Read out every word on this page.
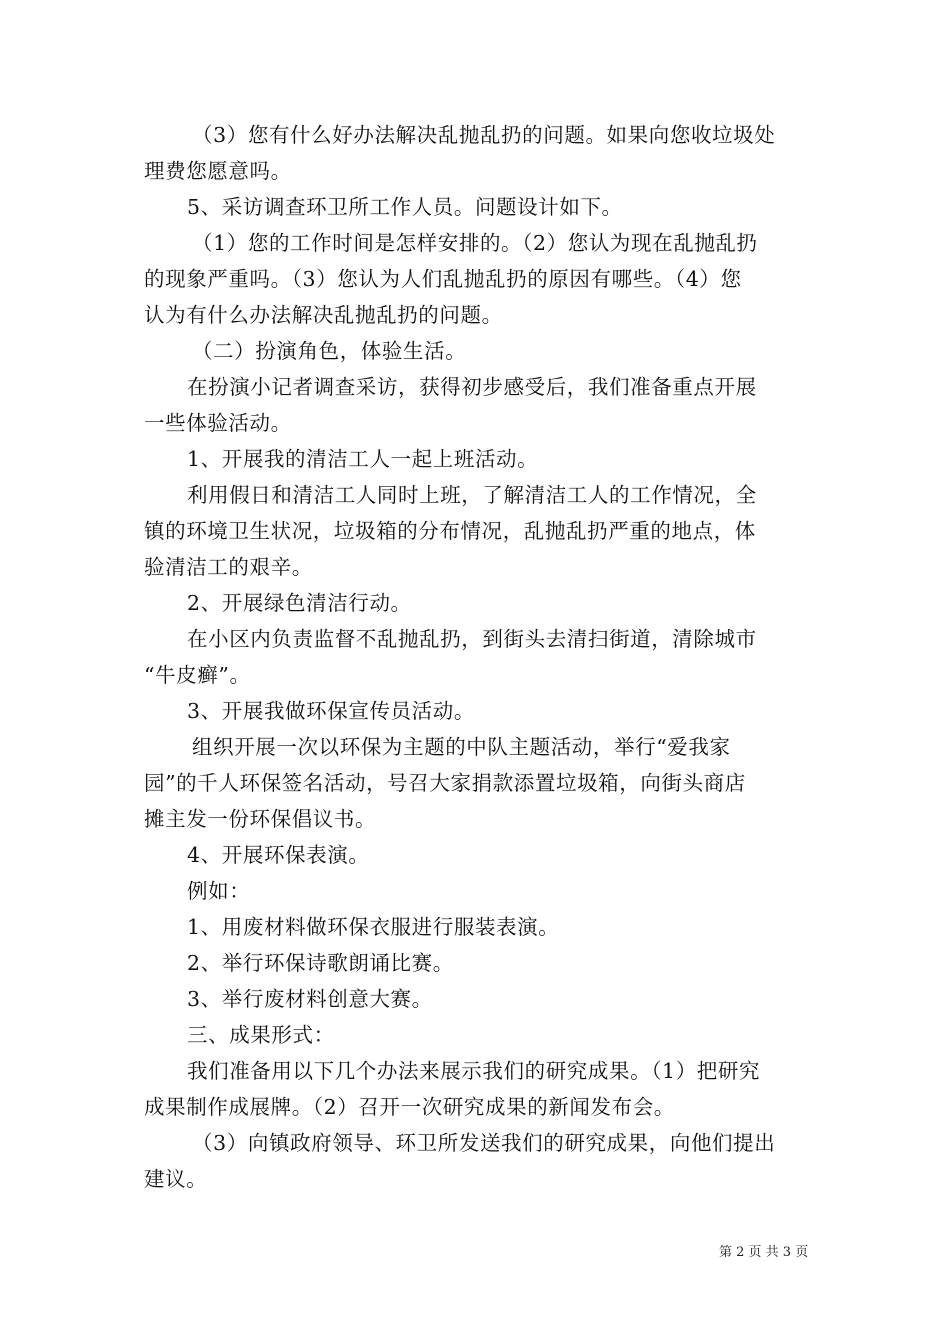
（3）您有什么好办法解决乱抛乱扔的问题。如果向您收垃圾处
理费您愿意吗。
5、采访调查环卫所工作人员。问题设计如下。
（1）您的工作时间是怎样安排的。（2）您认为现在乱抛乱扔
的现象严重吗。（3）您认为人们乱抛乱扔的原因有哪些。（4）您
认为有什么办法解决乱抛乱扔的问题。
（二）扮演角色，体验生活。
在扮演小记者调查采访，获得初步感受后，我们准备重点开展
一些体验活动。
1、开展我的清洁工人一起上班活动。
利用假日和清洁工人同时上班，了解清洁工人的工作情况，全
镇的环境卫生状况，垃圾箱的分布情况，乱抛乱扔严重的地点，体
验清洁工的艰辛。
2、开展绿色清洁行动。
在小区内负责监督不乱抛乱扔，到街头去清扫街道，清除城市
“牛皮癣”。
3、开展我做环保宣传员活动。
组织开展一次以环保为主题的中队主题活动，举行“爱我家
园”的千人环保签名活动，号召大家捐款添置垃圾箱，向街头商店
摊主发一份环保倡议书。
4、开展环保表演。
例如：
1、用废材料做环保衣服进行服装表演。
2、举行环保诗歌朗诵比赛。
3、举行废材料创意大赛。
三、成果形式：
我们准备用以下几个办法来展示我们的研究成果。（1）把研究
成果制作成展牌。（2）召开一次研究成果的新闻发布会。
（3）向镇政府领导、环卫所发送我们的研究成果，向他们提出
建议。
第 2 页 共 3 页
